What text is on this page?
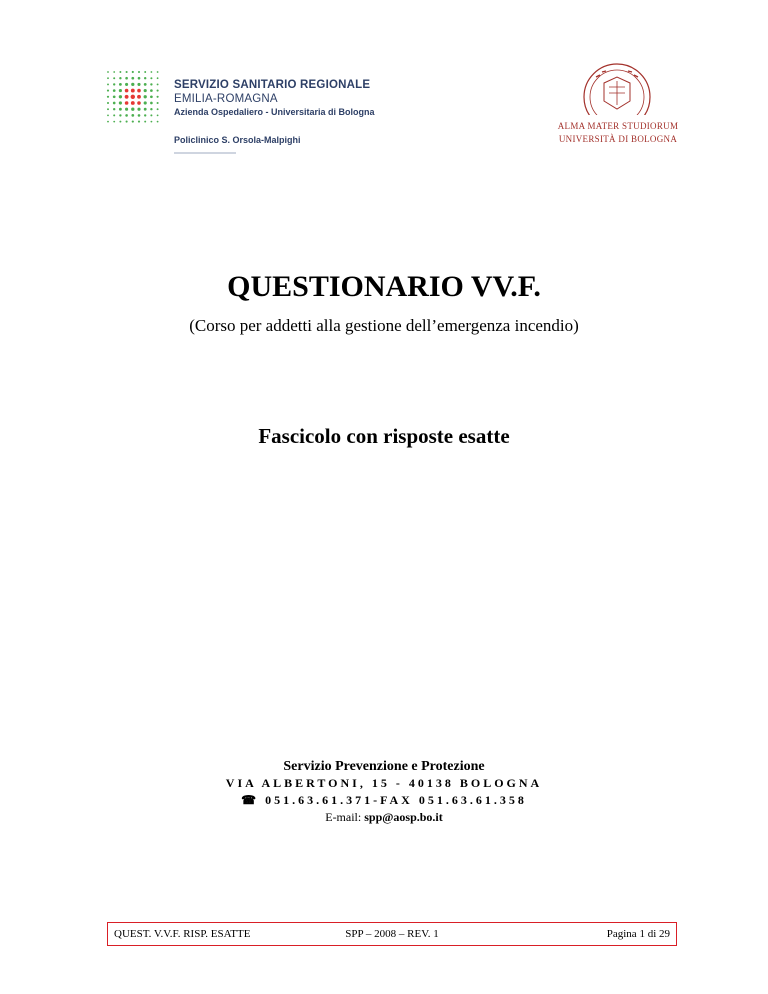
SERVIZIO SANITARIO REGIONALE
EMILIA-ROMAGNA
Azienda Ospedaliero - Universitaria di Bologna
Policlinico S. Orsola-Malpighi
ALMA MATER STUDIORUM
UNIVERSITÀ DI BOLOGNA
QUESTIONARIO VV.F.
(Corso per addetti alla gestione dell’emergenza incendio)
Fascicolo con risposte esatte
Servizio Prevenzione e Protezione
VIA ALBERTONI, 15 - 40138 BOLOGNA
☎ 051.63.61.371-FAX 051.63.61.358
E-mail: spp@aosp.bo.it
QUEST. V.V.F. RISP. ESATTE	SPP – 2008 – REV. 1	Pagina 1 di 29
